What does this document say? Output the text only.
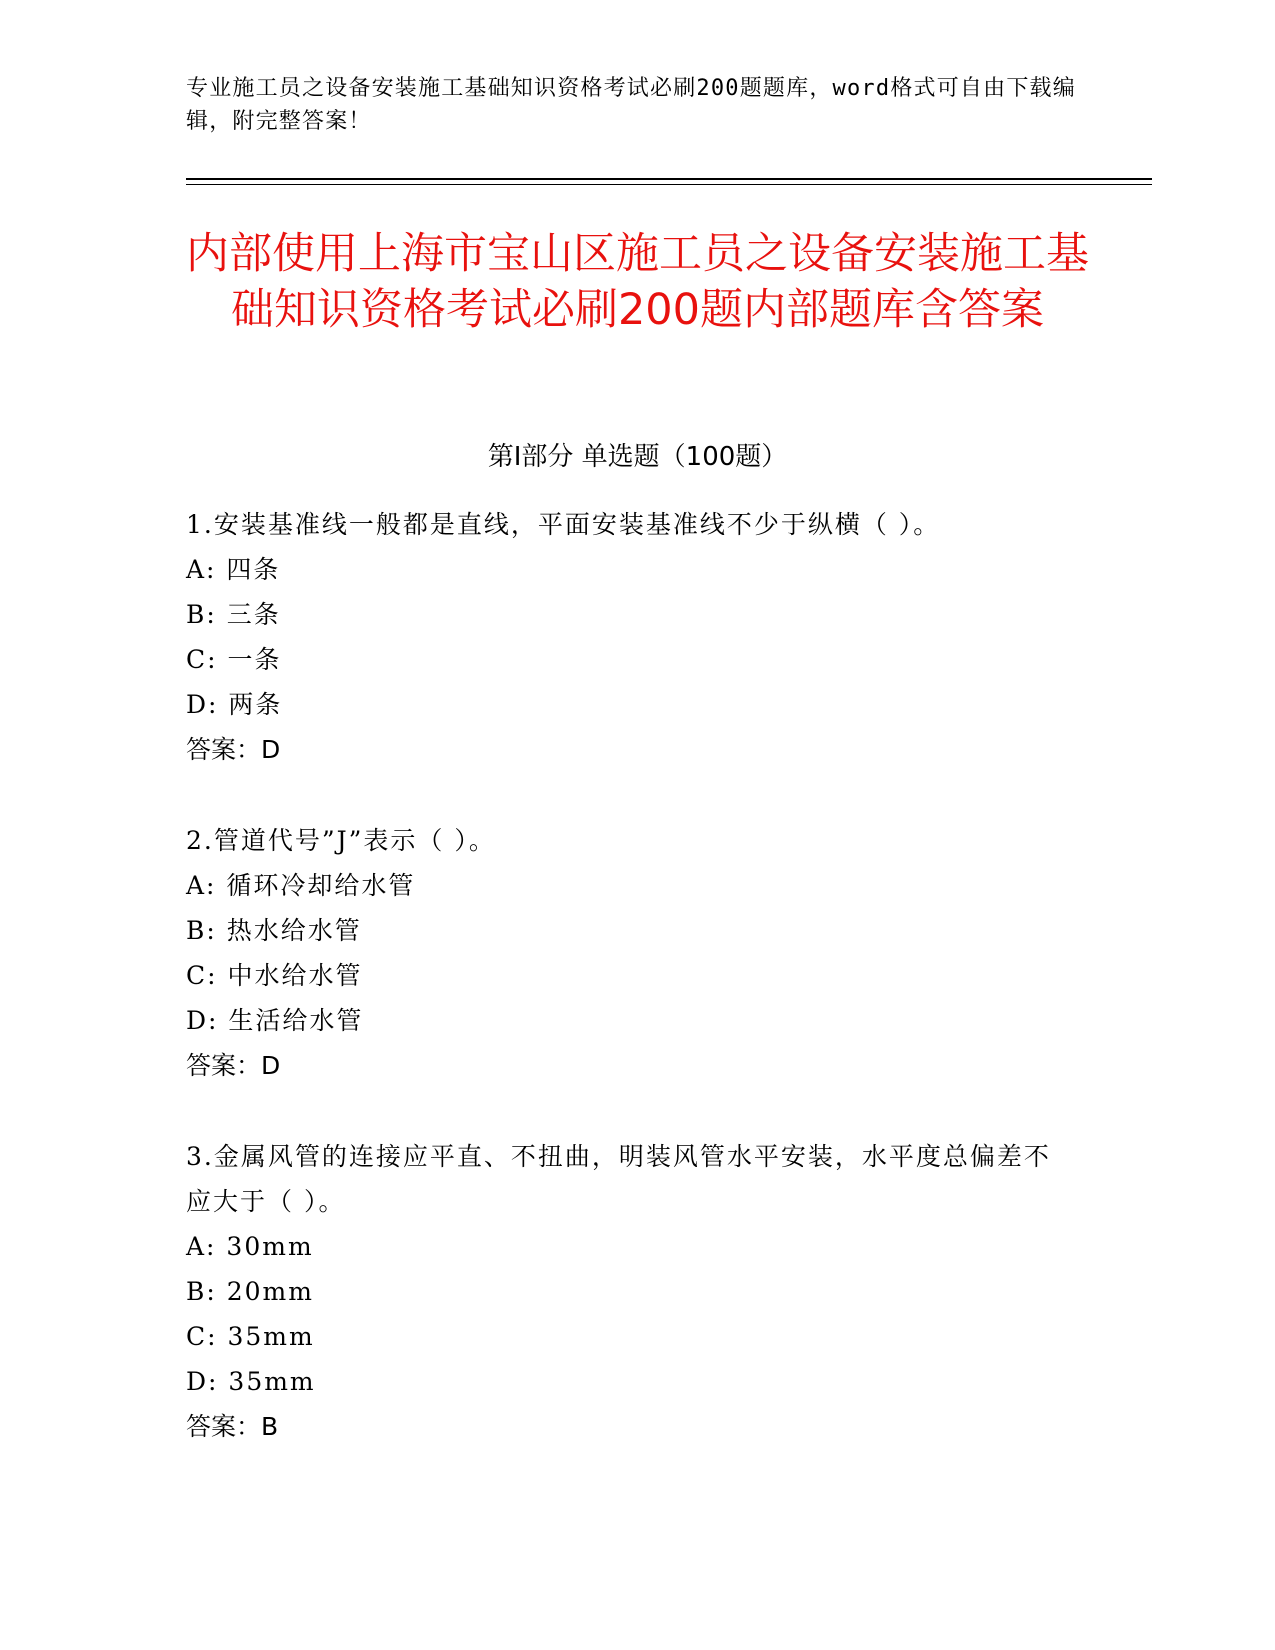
专业施工员之设备安装施工基础知识资格考试必刷200题题库，word格式可自由下载编辑，附完整答案！
内部使用上海市宝山区施工员之设备安装施工基础知识资格考试必刷200题内部题库含答案
第I部分 单选题（100题）

1.安装基准线一般都是直线，平面安装基准线不少于纵横（ ）。

A: 四条

B: 三条

C: 一条

D: 两条

答案：D

2.管道代号”J”表示（ ）。

A: 循环冷却给水管

B: 热水给水管

C: 中水给水管

D: 生活给水管

答案：D

3.金属风管的连接应平直、不扭曲，明装风管水平安装，水平度总偏差不应大于（ ）。

A: 30mm

B: 20mm

C: 35mm

D: 35mm

答案：B
